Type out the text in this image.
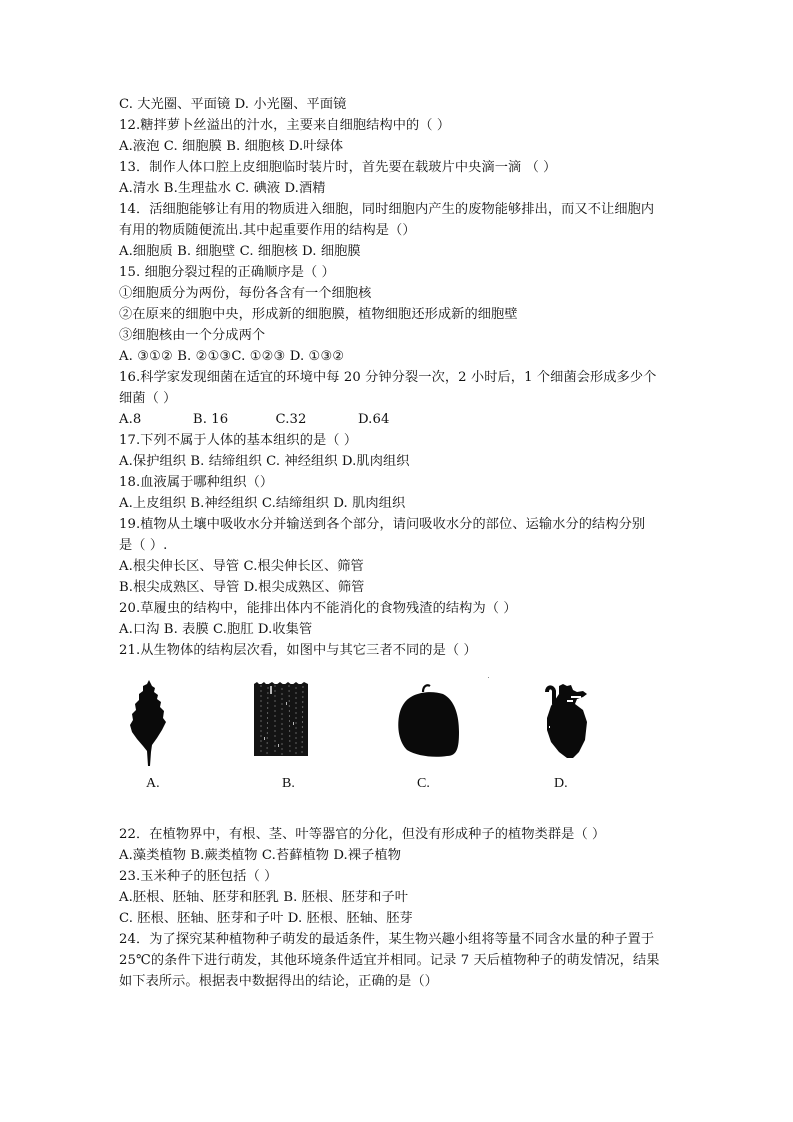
C. 大光圈、平面镜 D. 小光圈、平面镜
12.糖拌萝卜丝溢出的汁水，主要来自细胞结构中的（ ）
A.液泡 C. 细胞膜 B. 细胞核 D.叶绿体
13．制作人体口腔上皮细胞临时装片时，首先要在载玻片中央滴一滴 （ ）
A.清水 B.生理盐水 C. 碘液 D.酒精
14．活细胞能够让有用的物质进入细胞，同时细胞内产生的废物能够排出，而又不让细胞内
有用的物质随便流出.其中起重要作用的结构是（）
A.细胞质 B. 细胞壁 C. 细胞核 D. 细胞膜
15. 细胞分裂过程的正确顺序是（ ）
①细胞质分为两份，每份各含有一个细胞核
②在原来的细胞中央，形成新的细胞膜，植物细胞还形成新的细胞壁
③细胞核由一个分成两个
A. ③①② B. ②①③C. ①②③ D. ①③②
16.科学家发现细菌在适宜的环境中每 20 分钟分裂一次，2 小时后，1 个细菌会形成多少个
细菌（ ）
A.8            B. 16           C.32            D.64
17.下列不属于人体的基本组织的是（ ）
A.保护组织 B. 结缔组织 C. 神经组织 D.肌肉组织
18.血液属于哪种组织（）
A.上皮组织 B.神经组织 C.结缔组织 D. 肌肉组织
19.植物从土壤中吸收水分并输送到各个部分，请问吸收水分的部位、运输水分的结构分别
是（ ）.
A.根尖伸长区、导管 C.根尖伸长区、筛管
B.根尖成熟区、导管 D.根尖成熟区、筛管
20.草履虫的结构中，能排出体内不能消化的食物残渣的结构为（ ）
A.口沟 B. 表膜 C.胞肛 D.收集管
21.从生物体的结构层次看，如图中与其它三者不同的是（ ）
A.	B.	C.	D.
22．在植物界中，有根、茎、叶等器官的分化，但没有形成种子的植物类群是（ ）
A.藻类植物 B.蕨类植物 C.苔藓植物 D.裸子植物
23.玉米种子的胚包括（ ）
A.胚根、胚轴、胚芽和胚乳 B. 胚根、胚芽和子叶
C. 胚根、胚轴、胚芽和子叶 D. 胚根、胚轴、胚芽
24．为了探究某种植物种子萌发的最适条件，某生物兴趣小组将等量不同含水量的种子置于
25℃的条件下进行萌发，其他环境条件适宜并相同。记录 7 天后植物种子的萌发情况，结果
如下表所示。根据表中数据得出的结论，正确的是（）
